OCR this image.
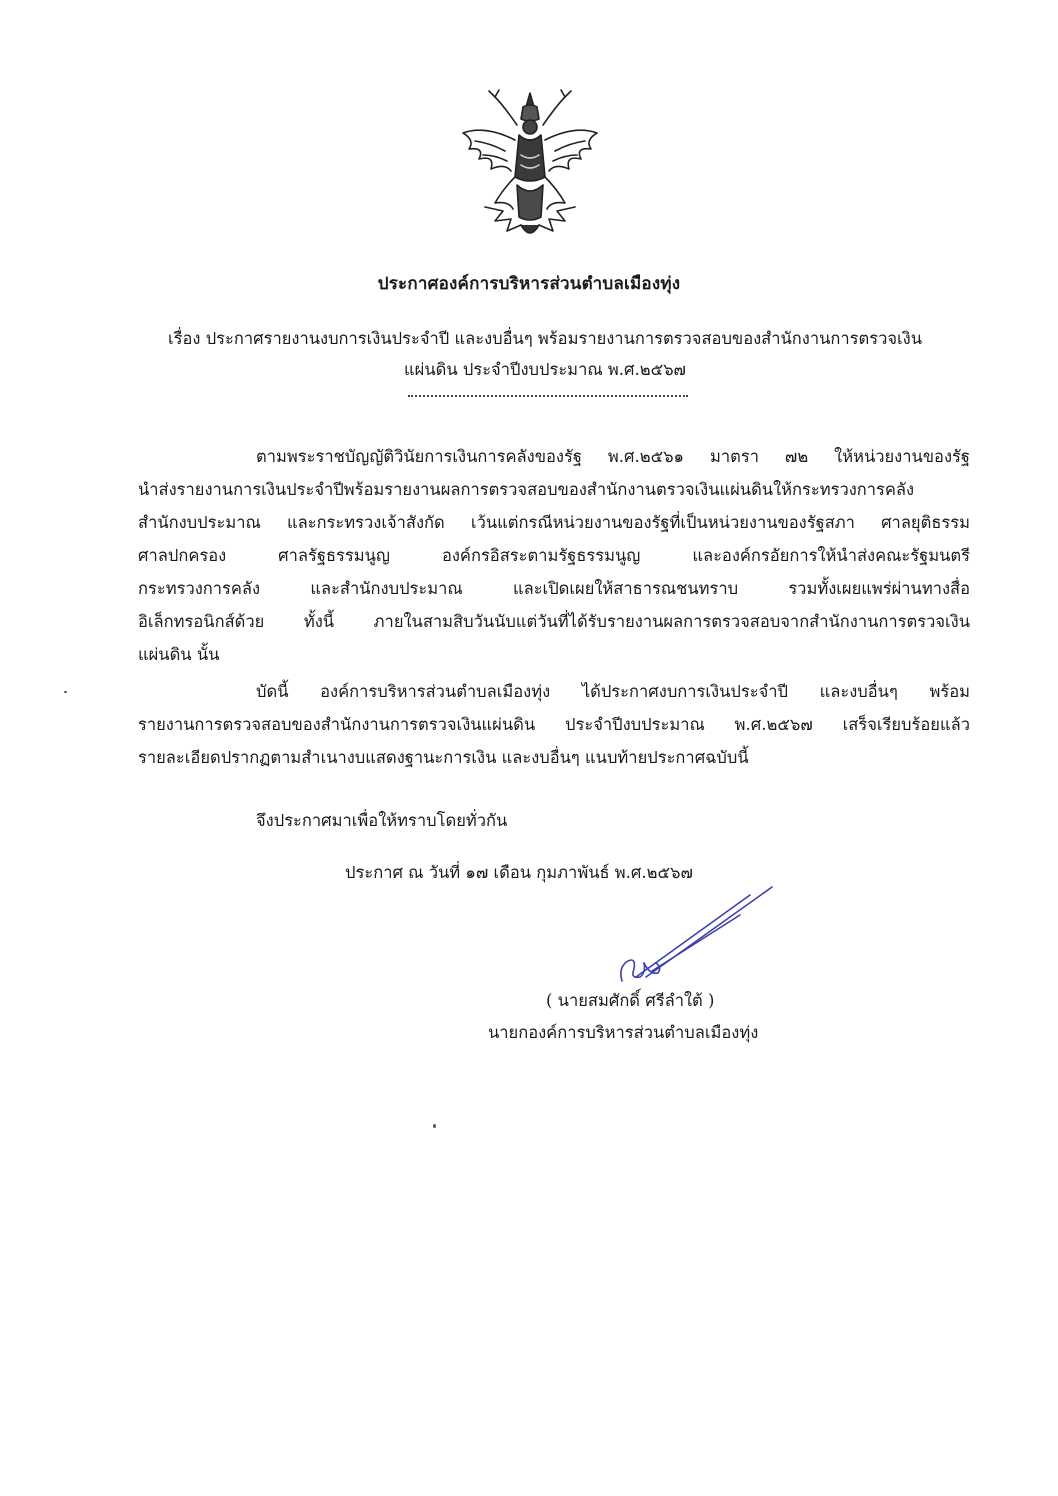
ประกาศองค์การบริหารส่วนตำบลเมืองทุ่ง
เรื่อง ประกาศรายงานงบการเงินประจำปี และงบอื่นๆ พร้อมรายงานการตรวจสอบของสำนักงานการตรวจเงิน
แผ่นดิน ประจำปีงบประมาณ พ.ศ.๒๕๖๗
ตามพระราชบัญญัติวินัยการเงินการคลังของรัฐ พ.ศ.๒๕๖๑ มาตรา ๗๒ ให้หน่วยงานของรัฐ
นำส่งรายงานการเงินประจำปีพร้อมรายงานผลการตรวจสอบของสำนักงานตรวจเงินแผ่นดินให้กระทรวงการคลัง
สำนักงบประมาณ และกระทรวงเจ้าสังกัด เว้นแต่กรณีหน่วยงานของรัฐที่เป็นหน่วยงานของรัฐสภา ศาลยุติธรรม
ศาลปกครอง ศาลรัฐธรรมนูญ องค์กรอิสระตามรัฐธรรมนูญ และองค์กรอัยการให้นำส่งคณะรัฐมนตรี
กระทรวงการคลัง และสำนักงบประมาณ และเปิดเผยให้สาธารณชนทราบ รวมทั้งเผยแพร่ผ่านทางสื่อ
อิเล็กทรอนิกส์ด้วย ทั้งนี้ ภายในสามสิบวันนับแต่วันที่ได้รับรายงานผลการตรวจสอบจากสำนักงานการตรวจเงิน
แผ่นดิน นั้น
บัดนี้ องค์การบริหารส่วนตำบลเมืองทุ่ง ได้ประกาศงบการเงินประจำปี และงบอื่นๆ พร้อม
รายงานการตรวจสอบของสำนักงานการตรวจเงินแผ่นดิน ประจำปีงบประมาณ พ.ศ.๒๕๖๗ เสร็จเรียบร้อยแล้ว
รายละเอียดปรากฏตามสำเนางบแสดงฐานะการเงิน และงบอื่นๆ แนบท้ายประกาศฉบับนี้
จึงประกาศมาเพื่อให้ทราบโดยทั่วกัน
ประกาศ ณ วันที่ ๑๗ เดือน กุมภาพันธ์ พ.ศ.๒๕๖๗
( นายสมศักดิ์ ศรีลำใต้ )
นายกองค์การบริหารส่วนตำบลเมืองทุ่ง
